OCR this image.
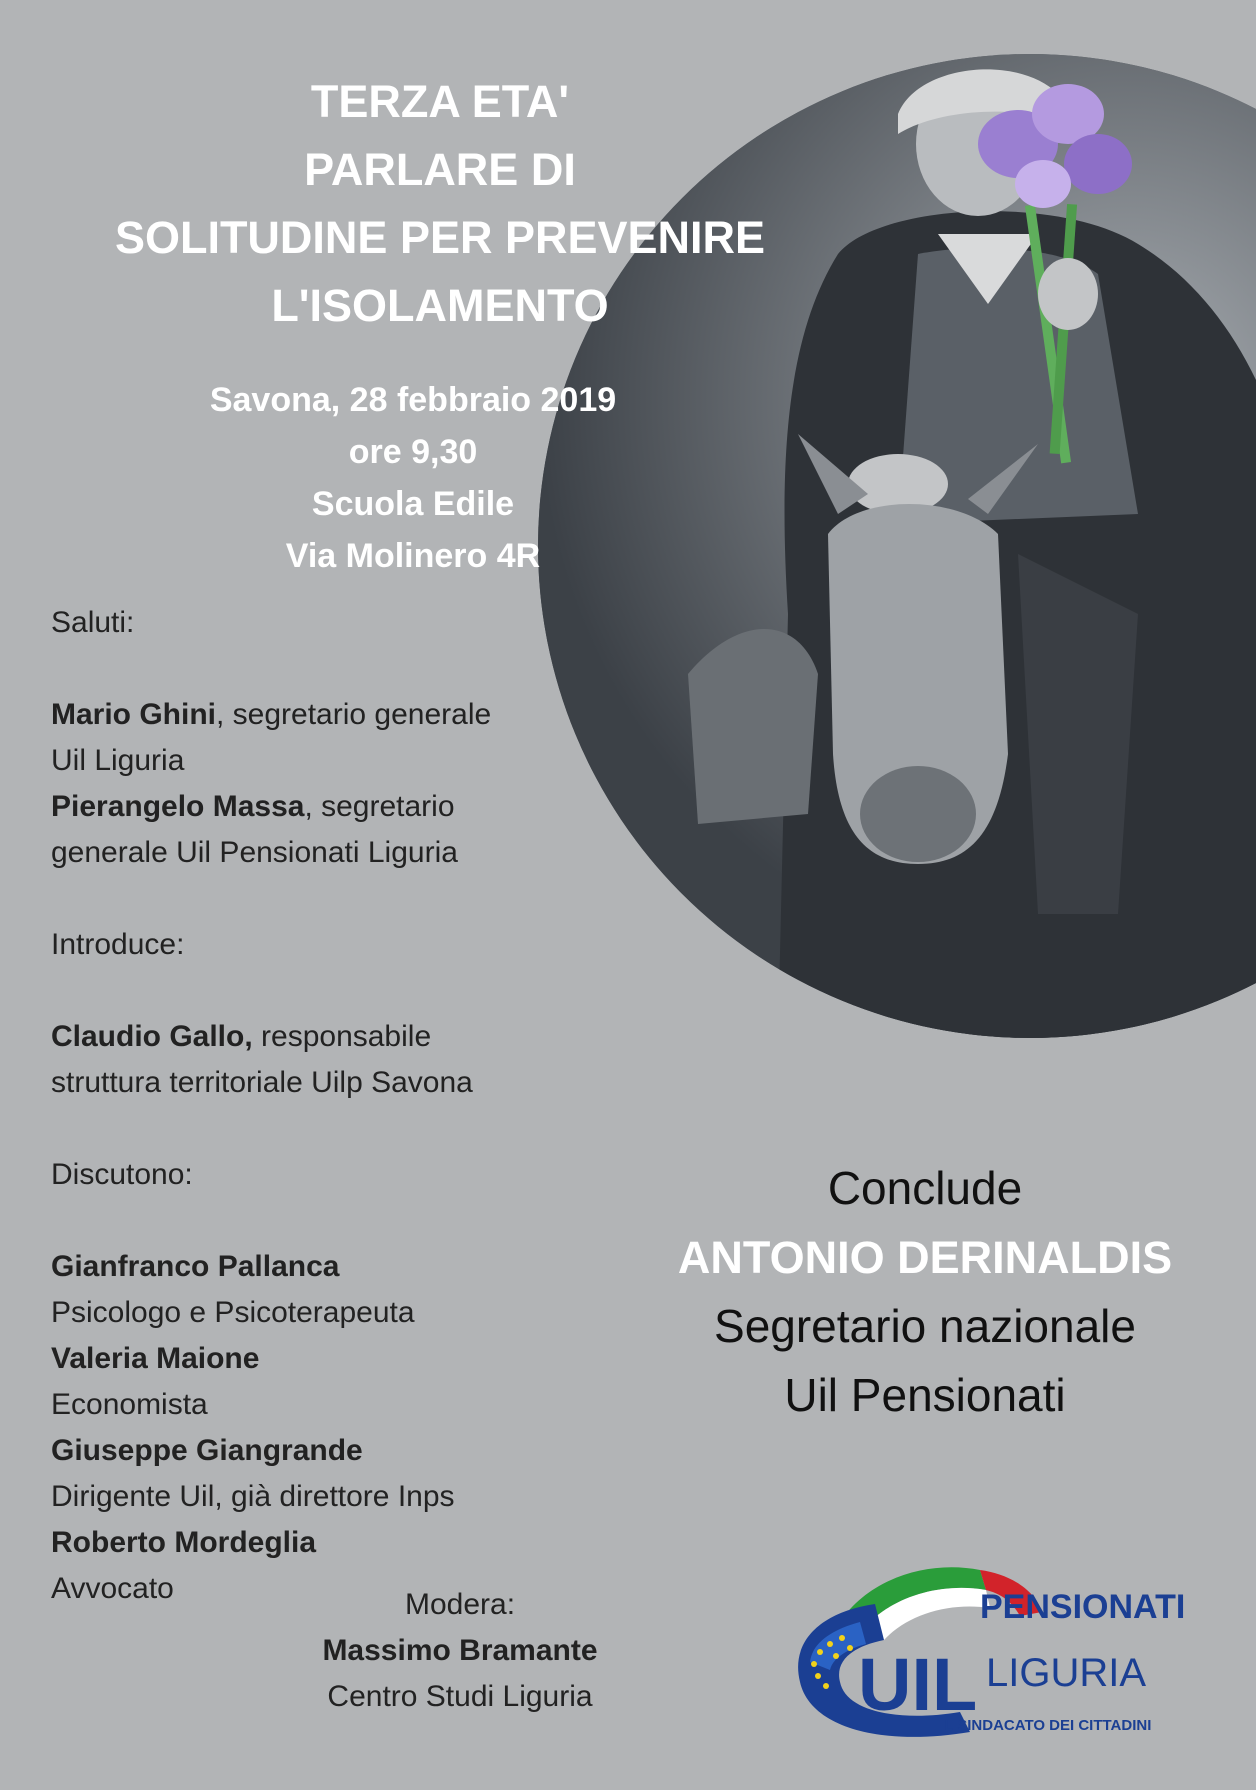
TERZA ETA'
PARLARE DI
SOLITUDINE PER PREVENIRE
L'ISOLAMENTO
Savona, 28 febbraio 2019
ore 9,30
Scuola Edile
Via Molinero 4R
Saluti:
Mario Ghini, segretario generale
Uil Liguria
Pierangelo Massa, segretario
generale Uil Pensionati Liguria
Introduce:
Claudio Gallo, responsabile
struttura territoriale Uilp Savona
Discutono:
Gianfranco Pallanca
Psicologo e Psicoterapeuta
Valeria Maione
Economista
Giuseppe Giangrande
Dirigente Uil, già direttore Inps
Roberto Mordeglia
Avvocato	Modera:
Massimo Bramante
Centro Studi Liguria
Conclude
ANTONIO DERINALDIS
Segretario nazionale
Uil Pensionati
UIL
PENSIONATI
LIGURIA
IL SINDACATO DEI CITTADINI
